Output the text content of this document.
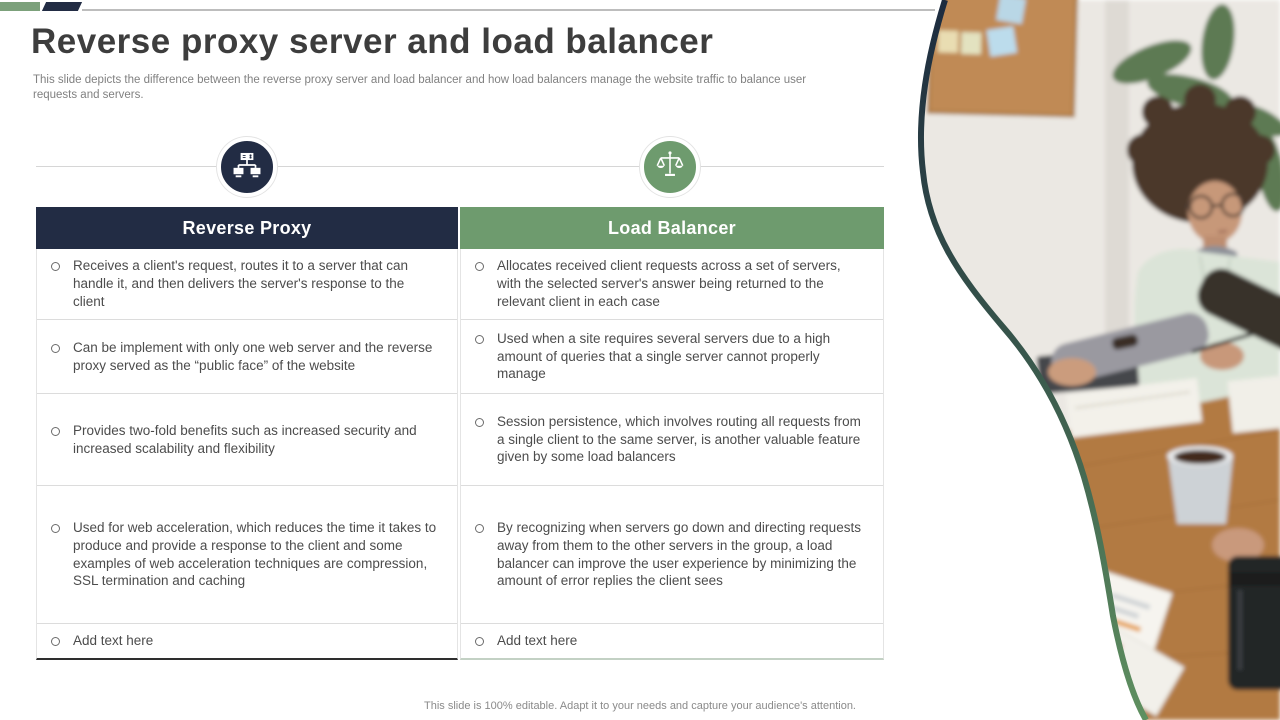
Reverse proxy server and load balancer
This slide depicts the difference between the reverse proxy server and load balancer and how load balancers manage the website traffic to balance user requests and servers.
Reverse Proxy
Receives a client's request, routes it to a server that can handle it, and then delivers the server's response to the client
Can be implement with only one web server and the reverse proxy served as the “public face” of the website
Provides two-fold benefits such as increased security and increased scalability and flexibility
Used for web acceleration, which reduces the time it takes to produce and provide a response to the client and some examples of web acceleration techniques are compression, SSL termination and caching
Add text here
Load Balancer
Allocates received client requests across a set of servers, with the selected server's answer being returned to the relevant client in each case
Used when a site requires several servers due to a high amount of queries that a single server cannot properly manage
Session persistence, which involves routing all requests from a single client to the same server, is another valuable feature given by some load balancers
By recognizing when servers go down and directing requests away from them to the other servers in the group, a load balancer can improve the user experience by minimizing the amount of error replies the client sees
Add text here
This slide is 100% editable. Adapt it to your needs and capture your audience's attention.
